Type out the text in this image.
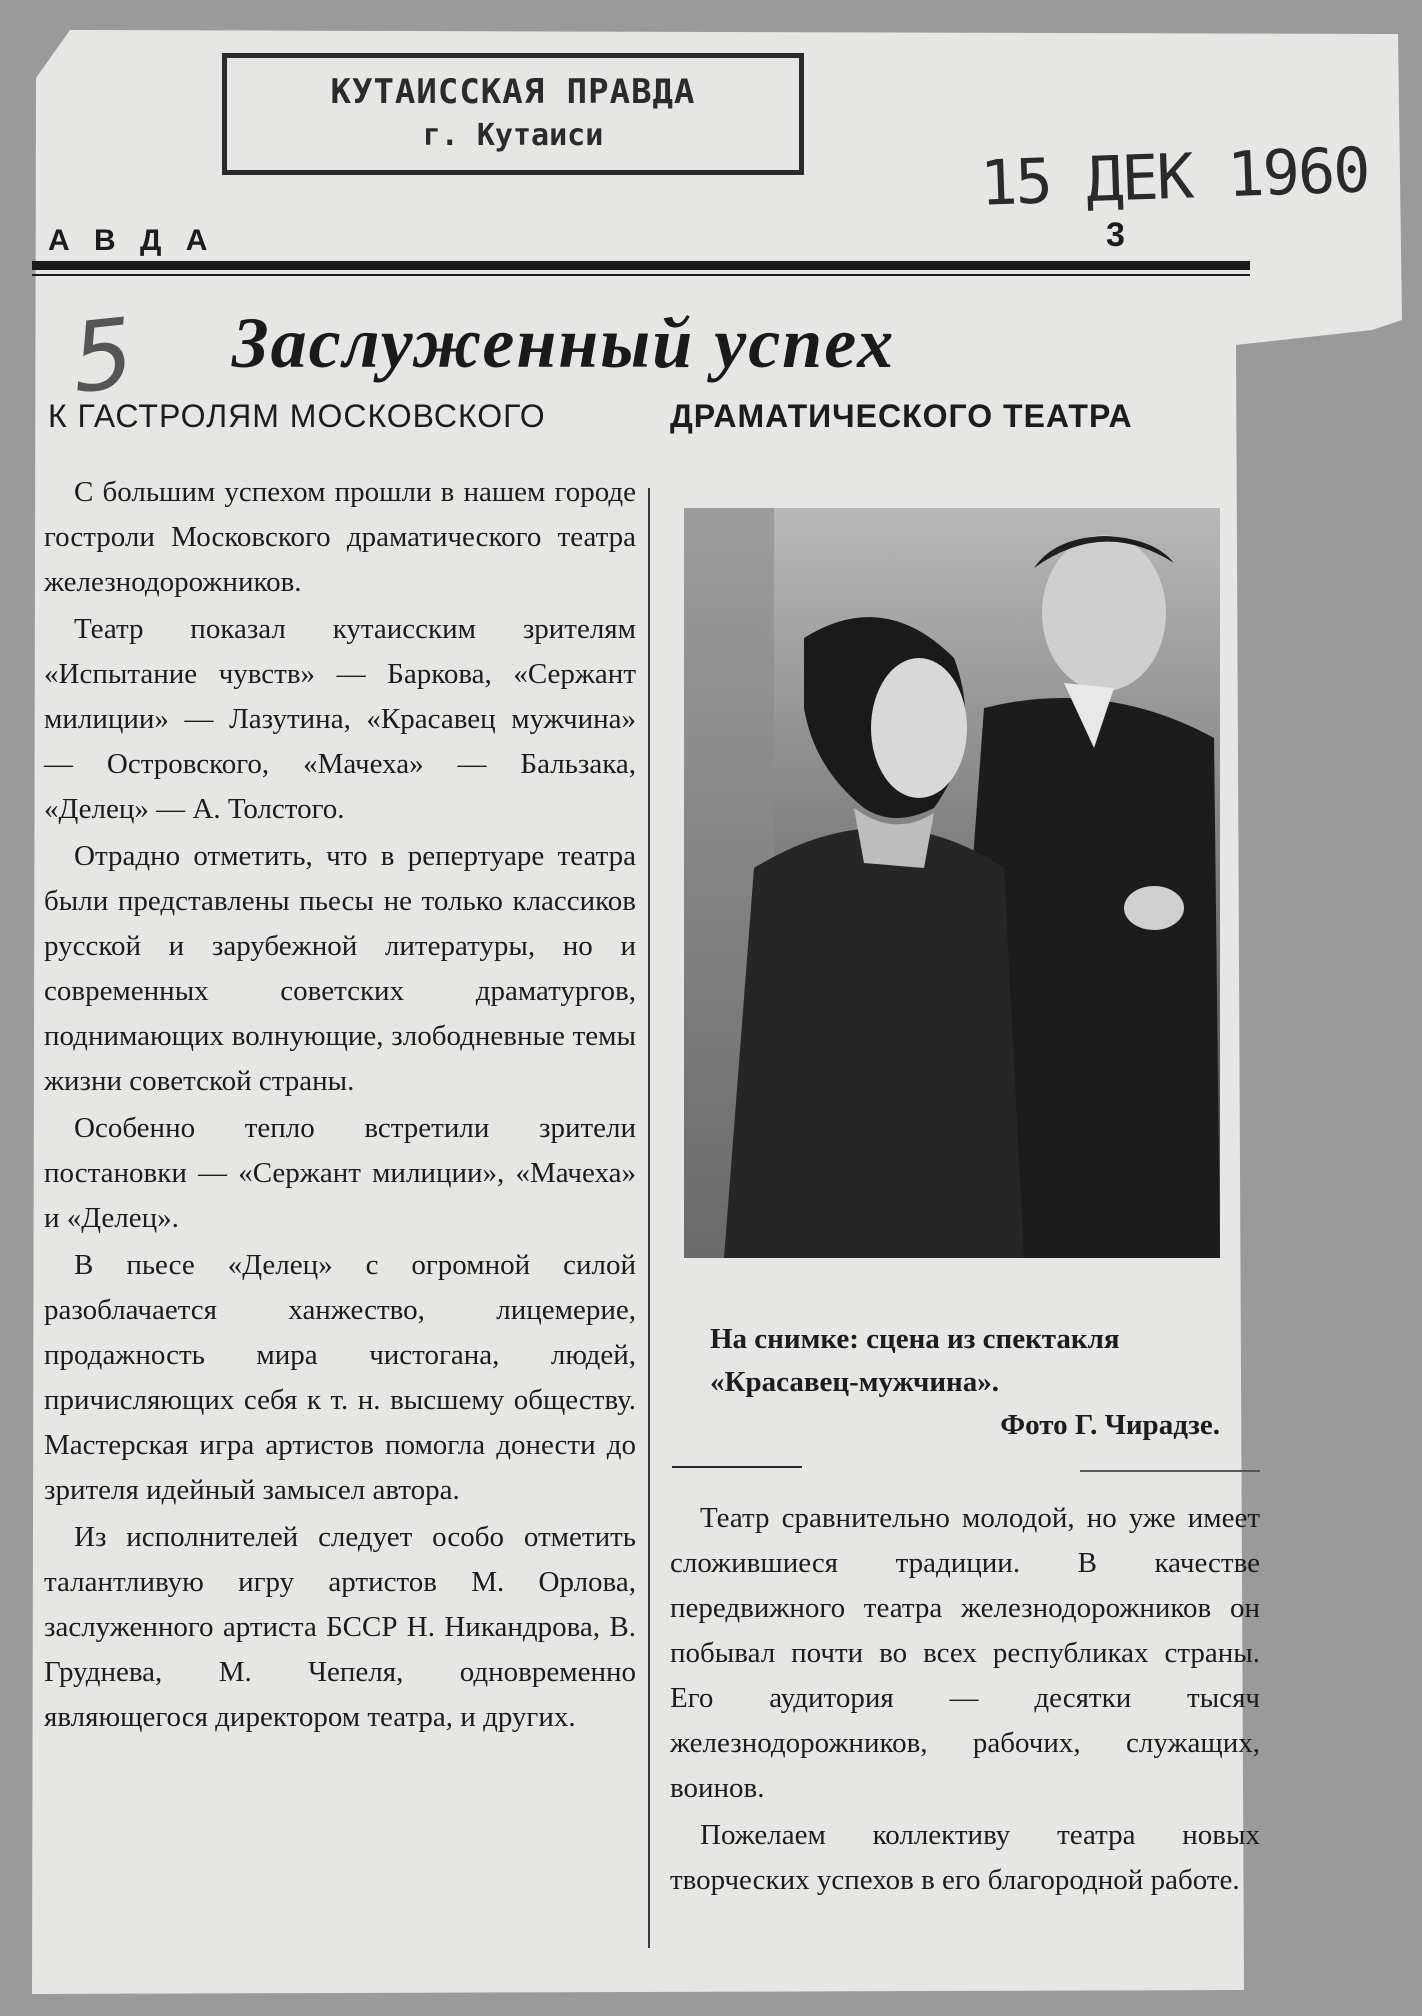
КУТАИССКАЯ ПРАВДА
г. Кутаиси	15 ДЕК 1960
А В Д А	3
5 Заслуженный успех
К ГАСТРОЛЯМ МОСКОВСКОГО	ДРАМАТИЧЕСКОГО ТЕАТРА

С большим успехом прошли в нашем городе гостроли Московского драматического театра железнодорожников.

Театр показал кутаисским зрителям «Испытание чувств» — Баркова, «Сержант милиции» — Лазутина, «Красавец мужчина» — Островского, «Мачеха» — Бальзака, «Делец» — А. Толстого.

Отрадно отметить, что в репертуаре театра были представлены пьесы не только классиков русской и зарубежной литературы, но и современных советских драматургов, поднимающих волнующие, злободневные темы жизни советской страны.

Особенно тепло встретили зрители постановки — «Сержант милиции», «Мачеха» и «Делец».

В пьесе «Делец» с огромной силой разоблачается ханжество, лицемерие, продажность мира чистогана, людей, причисляющих себя к т. н. высшему обществу. Мастерская игра артистов помогла донести до зрителя идейный замысел автора.

Из исполнителей следует особо отметить талантливую игру артистов М. Орлова, заслуженного артиста БССР Н. Никандрова, В. Груднева, М. Чепеля, одновременно являющегося директором театра, и других.

На снимке: сцена из спектакля «Красавец-мужчина».
Фото Г. Чирадзе.

Театр сравнительно молодой, но уже имеет сложившиеся традиции. В качестве передвижного театра железнодорожников он побывал почти во всех республиках страны. Его аудитория — десятки тысяч железнодорожников, рабочих, служащих, воинов.

Пожелаем коллективу театра новых творческих успехов в его благородной работе.
